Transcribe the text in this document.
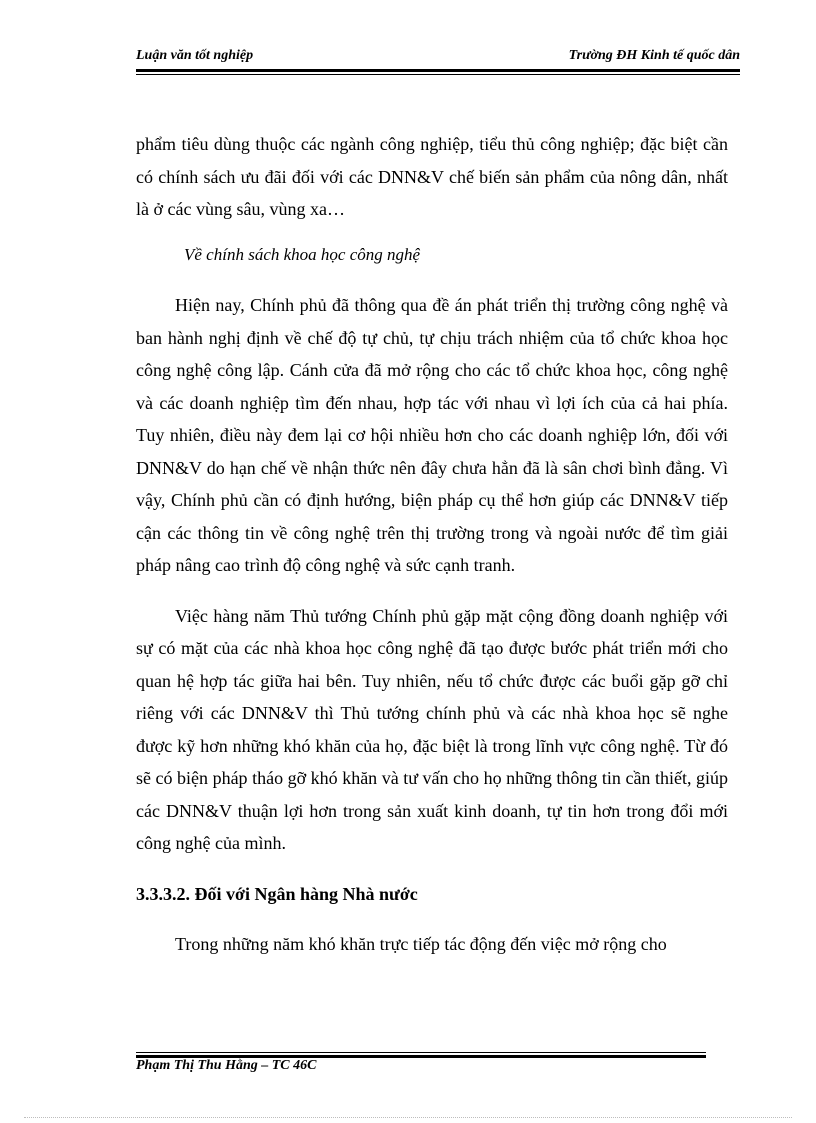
Luận văn tốt nghiệp	Trường ĐH Kinh tế quốc dân

phẩm tiêu dùng thuộc các ngành công nghiệp, tiểu thủ công nghiệp; đặc biệt cần có chính sách ưu đãi đối với các DNN&V chế biến sản phẩm của nông dân, nhất là ở các vùng sâu, vùng xa…

Về chính sách khoa học công nghệ

Hiện nay, Chính phủ đã thông qua đề án phát triển thị trường công nghệ và ban hành nghị định về chế độ tự chủ, tự chịu trách nhiệm của tổ chức khoa học công nghệ công lập. Cánh cửa đã mở rộng cho các tổ chức khoa học, công nghệ và các doanh nghiệp tìm đến nhau, hợp tác với nhau vì lợi ích của cả hai phía. Tuy nhiên, điều này đem lại cơ hội nhiều hơn cho các doanh nghiệp lớn, đối với DNN&V do hạn chế về nhận thức nên đây chưa hẳn đã là sân chơi bình đẳng. Vì vậy, Chính phủ cần có định hướng, biện pháp cụ thể hơn giúp các DNN&V tiếp cận các thông tin về công nghệ trên thị trường trong và ngoài nước để tìm giải pháp nâng cao trình độ công nghệ và sức cạnh tranh.

Việc hàng năm Thủ tướng Chính phủ gặp mặt cộng đồng doanh nghiệp với sự có mặt của các nhà khoa học công nghệ đã tạo được bước phát triển mới cho quan hệ hợp tác giữa hai bên. Tuy nhiên, nếu tổ chức được các buổi gặp gỡ chỉ riêng với các DNN&V thì Thủ tướng chính phủ và các nhà khoa học sẽ nghe được kỹ hơn những khó khăn của họ, đặc biệt là trong lĩnh vực công nghệ. Từ đó sẽ có biện pháp tháo gỡ khó khăn và tư vấn cho họ những thông tin cần thiết, giúp các DNN&V thuận lợi hơn trong sản xuất kinh doanh, tự tin hơn trong đổi mới công nghệ của mình.

3.3.3.2. Đối với Ngân hàng Nhà nước

Trong những năm khó khăn trực tiếp tác động đến việc mở rộng cho

Phạm Thị Thu Hằng – TC 46C
